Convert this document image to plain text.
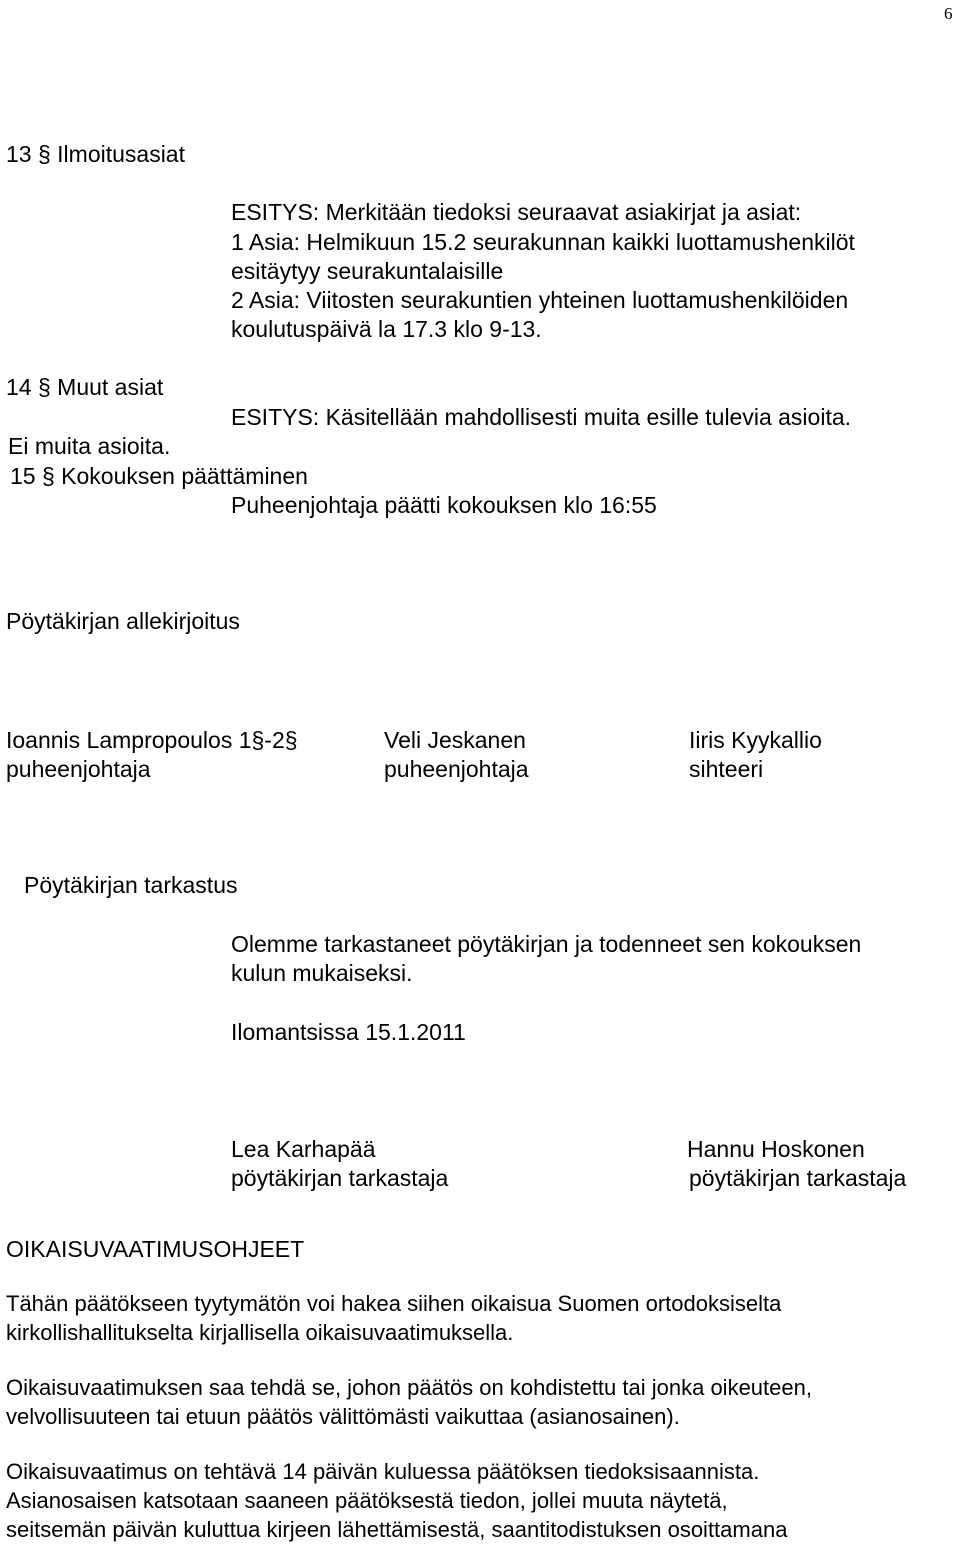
6
13 § Ilmoitusasiat
ESITYS: Merkitään tiedoksi seuraavat asiakirjat ja asiat:
1 Asia: Helmikuun 15.2 seurakunnan kaikki luottamushenkilöt
esitäytyy seurakuntalaisille
2 Asia: Viitosten seurakuntien yhteinen luottamushenkilöiden
koulutuspäivä la 17.3 klo 9-13.
14 § Muut asiat
ESITYS: Käsitellään mahdollisesti muita esille tulevia asioita.
Ei muita asioita.
15 § Kokouksen päättäminen
Puheenjohtaja päätti kokouksen klo 16:55
Pöytäkirjan allekirjoitus
Ioannis Lampropoulos 1§-2§
puheenjohtaja
Veli Jeskanen
puheenjohtaja
Iiris Kyykallio
sihteeri
Pöytäkirjan tarkastus
Olemme tarkastaneet pöytäkirjan ja todenneet sen kokouksen
kulun mukaiseksi.
Ilomantsissa 15.1.2011
Lea Karhapää
pöytäkirjan tarkastaja
Hannu Hoskonen
pöytäkirjan tarkastaja
OIKAISUVAATIMUSOHJEET
Tähän päätökseen tyytymätön voi hakea siihen oikaisua Suomen ortodoksiselta
kirkollishallitukselta kirjallisella oikaisuvaatimuksella.
Oikaisuvaatimuksen saa tehdä se, johon päätös on kohdistettu tai jonka oikeuteen,
velvollisuuteen tai etuun päätös välittömästi vaikuttaa (asianosainen).
Oikaisuvaatimus on tehtävä 14 päivän kuluessa päätöksen tiedoksisaannista.
Asianosaisen katsotaan saaneen päätöksestä tiedon, jollei muuta näytetä,
seitsemän päivän kuluttua kirjeen lähettämisestä, saantitodistuksen osoittamana
